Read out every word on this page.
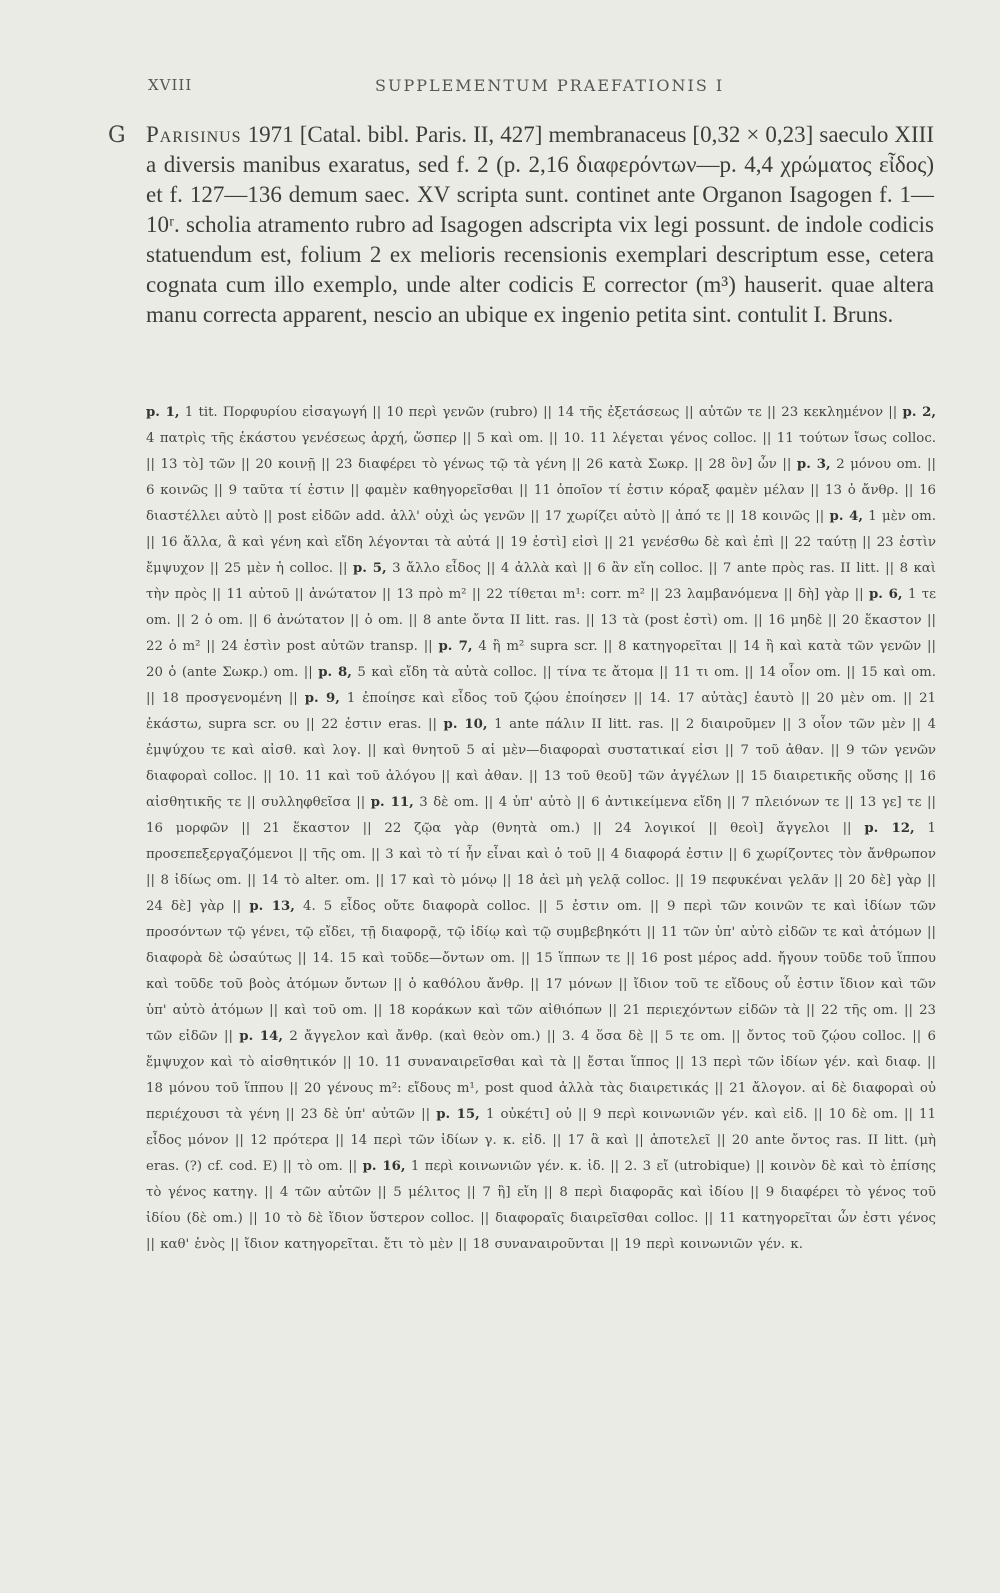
XVIII	SUPPLEMENTUM PRAEFATIONIS I
G Parisinus 1971 [Catal. bibl. Paris. II, 427] membranaceus [0,32 × 0,23] saeculo XIII a diversis manibus exaratus, sed f. 2 (p. 2,16 διαφερόντων—p. 4,4 χρώματος εἶδος) et f. 127—136 demum saec. XV scripta sunt. continet ante Organon Isagogen f. 1—10ʳ. scholia atramento rubro ad Isagogen adscripta vix legi possunt. de indole codicis statuendum est, folium 2 ex melioris recensionis exemplari descriptum esse, cetera cognata cum illo exemplo, unde alter codicis E corrector (m³) hauserit. quae altera manu correcta apparent, nescio an ubique ex ingenio petita sint. contulit I. Bruns.
p. 1, 1 tit. Πορφυρίου εἰσαγωγή || 10 περὶ γενῶν (rubro) || 14 τῆς ἐξετάσεως || αὐτῶν τε || 23 κεκλημένον || p. 2, 4 πατρὶς τῆς ἑκάστου γενέσεως ἀρχή, ὥσπερ || 5 καὶ om. || 10. 11 λέγεται γένος colloc. || 11 τούτων ἴσως colloc. || 13 τὸ] τῶν || 20 κοινῇ || 23 διαφέρει τὸ γένως τῷ τὰ γένη || 26 κατὰ Σωκρ. || 28 ὃν] ὧν || p. 3, 2 μόνου om. || 6 κοινῶς || 9 ταῦτα τί ἐστιν || φαμὲν καθηγορεῖσθαι || 11 ὁποῖον τί ἐστιν κόραξ φαμὲν μέλαν || 13 ὁ ἄνθρ. || 16 διαστέλλει αὐτὸ || post εἰδῶν add. ἀλλ' οὐχὶ ὡς γενῶν || 17 χωρίζει αὐτὸ || ἀπό τε || 18 κοινῶς || p. 4, 1 μὲν om. || 16 ἄλλα, ἃ καὶ γένη καὶ εἴδη λέγονται τὰ αὐτά || 19 ἐστὶ] εἰσὶ || 21 γενέσθω δὲ καὶ ἐπὶ || 22 ταύτῃ || 23 ἐστὶν ἔμψυχον || 25 μὲν ἡ colloc. || p. 5, 3 ἄλλο εἶδος || 4 ἀλλὰ καὶ || 6 ἂν εἴη colloc. || 7 ante πρὸς ras. II litt. || 8 καὶ τὴν πρὸς || 11 αὐτοῦ || ἀνώτατον || 13 πρὸ m² || 22 τίθεται m¹: corr. m² || 23 λαμβανόμενα || δὴ] γὰρ || p. 6, 1 τε om. || 2 ὁ om. || 6 ἀνώτατον || ὁ om. || 8 ante ὄντα II litt. ras. || 13 τὰ (post ἐστὶ) om. || 16 μηδὲ || 20 ἕκαστον || 22 ὁ m² || 24 ἐστὶν post αὐτῶν transp. || p. 7, 4 ἢ m² supra scr. || 8 κατηγορεῖται || 14 ἢ καὶ κατὰ τῶν γενῶν || 20 ὁ (ante Σωκρ.) om. || p. 8, 5 καὶ εἴδη τὰ αὐτὰ colloc. || τίνα τε ἄτομα || 11 τι om. || 14 οἷον om. || 15 καὶ om. || 18 προσγενομένη || p. 9, 1 ἐποίησε καὶ εἶδος τοῦ ζῴου ἐποίησεν || 14. 17 αὐτὰς] ἑαυτὸ || 20 μὲν om. || 21 ἑκάστω, supra scr. ου || 22 ἐστιν eras. || p. 10, 1 ante πάλιν II litt. ras. || 2 διαιροῦμεν || 3 οἷον τῶν μὲν || 4 ἐμψύχου τε καὶ αἰσθ. καὶ λογ. || καὶ θνητοῦ 5 αἱ μὲν—διαφοραὶ συστατικαί εἰσι || 7 τοῦ ἀθαν. || 9 τῶν γενῶν διαφοραὶ colloc. || 10. 11 καὶ τοῦ ἀλόγου || καὶ ἀθαν. || 13 τοῦ θεοῦ] τῶν ἀγγέλων || 15 διαιρετικῆς οὔσης || 16 αἰσθητικῆς τε || συλληφθεῖσα || p. 11, 3 δὲ om. || 4 ὑπ' αὐτὸ || 6 ἀντικείμενα εἴδη || 7 πλειόνων τε || 13 γε] τε || 16 μορφῶν || 21 ἕκαστον || 22 ζῷα γὰρ (θνητὰ om.) || 24 λογικοί || θεοὶ] ἄγγελοι || p. 12, 1 προσεπεξεργαζόμενοι || τῆς om. || 3 καὶ τὸ τί ἦν εἶναι καὶ ὁ τοῦ || 4 διαφορά ἐστιν || 6 χωρίζοντες τὸν ἄνθρωπον || 8 ἰδίως om. || 14 τὸ alter. om. || 17 καὶ τὸ μόνῳ || 18 ἀεὶ μὴ γελᾷ colloc. || 19 πεφυκέναι γελᾶν || 20 δὲ] γὰρ || 24 δὲ] γὰρ || p. 13, 4. 5 εἶδος οὔτε διαφορὰ colloc. || 5 ἐστιν om. || 9 περὶ τῶν κοινῶν τε καὶ ἰδίων τῶν προσόντων τῷ γένει, τῷ εἴδει, τῇ διαφορᾷ, τῷ ἰδίῳ καὶ τῷ συμβεβηκότι || 11 τῶν ὑπ' αὐτὸ εἰδῶν τε καὶ ἀτόμων || διαφορὰ δὲ ὡσαύτως || 14. 15 καὶ τοῦδε—ὄντων om. || 15 ἵππων τε || 16 post μέρος add. ἤγουν τοῦδε τοῦ ἵππου καὶ τοῦδε τοῦ βοὸς ἀτόμων ὄντων || ὁ καθόλου ἄνθρ. || 17 μόνων || ἴδιον τοῦ τε εἴδους οὗ ἐστιν ἴδιον καὶ τῶν ὑπ' αὐτὸ ἀτόμων || καὶ τοῦ om. || 18 κοράκων καὶ τῶν αἰθιόπων || 21 περιεχόντων εἰδῶν τὰ || 22 τῆς om. || 23 τῶν εἰδῶν || p. 14, 2 ἄγγελον καὶ ἄνθρ. (καὶ θεὸν om.) || 3. 4 ὅσα δὲ || 5 τε om. || ὄντος τοῦ ζῴου colloc. || 6 ἔμψυχον καὶ τὸ αἰσθητικόν || 10. 11 συναναιρεῖσθαι καὶ τὰ || ἔσται ἵππος || 13 περὶ τῶν ἰδίων γέν. καὶ διαφ. || 18 μόνου τοῦ ἵππου || 20 γένους m²: εἴδους m¹, post quod ἀλλὰ τὰς διαιρετικάς || 21 ἄλογον. αἱ δὲ διαφοραὶ οὐ περιέχουσι τὰ γένη || 23 δὲ ὑπ' αὐτῶν || p. 15, 1 οὐκέτι] οὐ || 9 περὶ κοινωνιῶν γέν. καὶ εἰδ. || 10 δὲ om. || 11 εἶδος μόνον || 12 πρότερα || 14 περὶ τῶν ἰδίων γ. κ. εἰδ. || 17 ἃ καὶ || ἀποτελεῖ || 20 ante ὄντος ras. II litt. (μὴ eras. (?) cf. cod. E) || τὸ om. || p. 16, 1 περὶ κοινωνιῶν γέν. κ. ἰδ. || 2. 3 εἴ (utrobique) || κοινὸν δὲ καὶ τὸ ἐπίσης τὸ γένος κατηγ. || 4 τῶν αὐτῶν || 5 μέλιτος || 7 ἢ] εἴη || 8 περὶ διαφορᾶς καὶ ἰδίου || 9 διαφέρει τὸ γένος τοῦ ἰδίου (δὲ om.) || 10 τὸ δὲ ἴδιον ὕστερον colloc. || διαφοραῖς διαιρεῖσθαι colloc. || 11 κατηγορεῖται ὧν ἐστι γένος || καθ' ἑνὸς || ἴδιον κατηγορεῖται. ἔτι τὸ μὲν || 18 συναναιροῦνται || 19 περὶ κοινωνιῶν γέν. κ.
